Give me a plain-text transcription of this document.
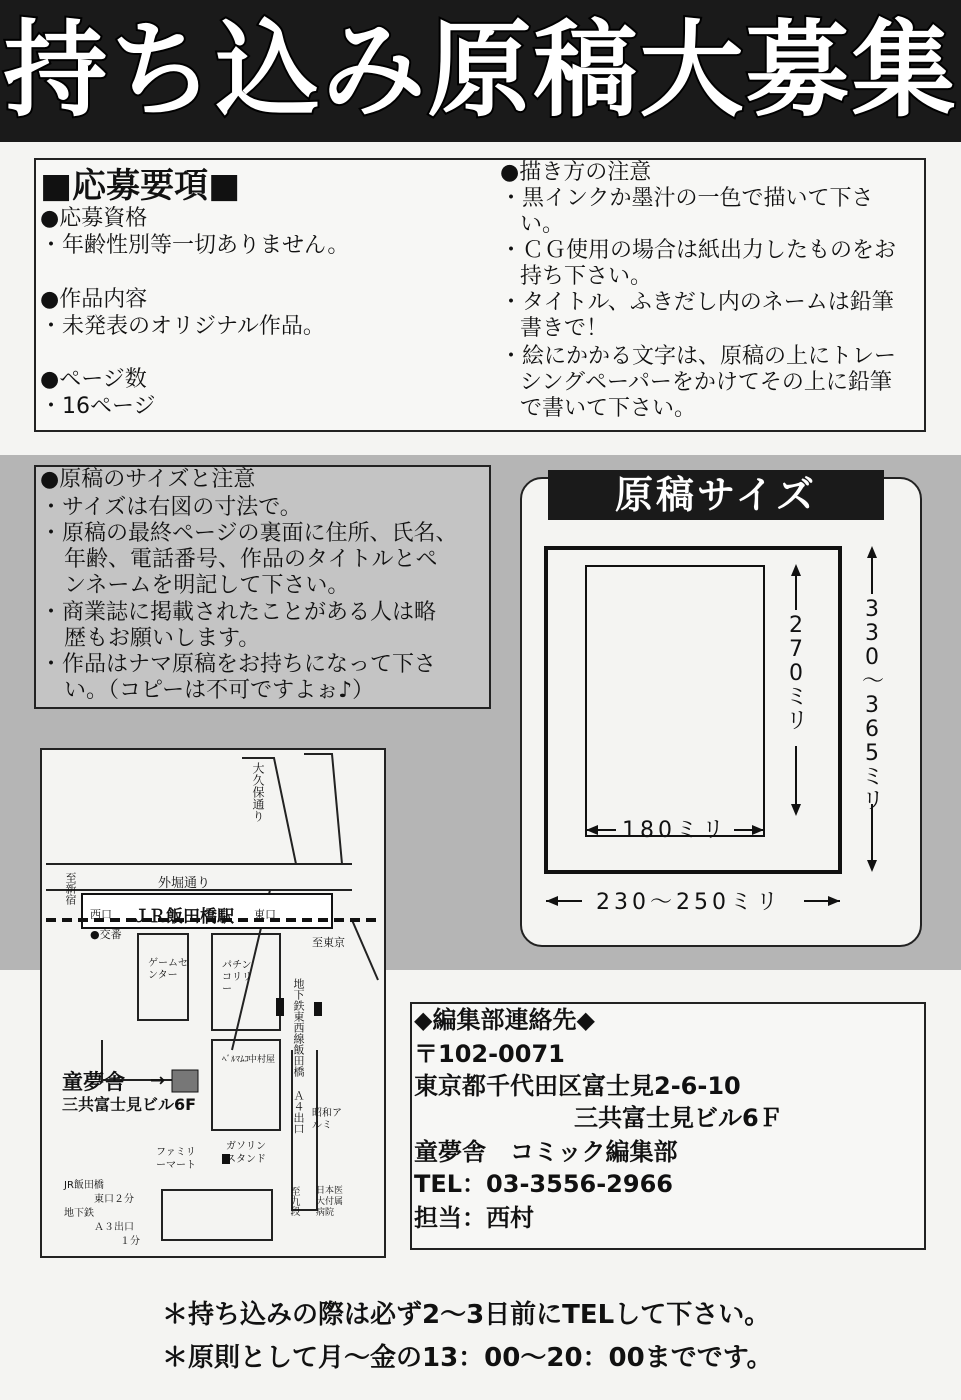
持ち込み原稿大募集
■応募要項■
●応募資格
・年齢性別等一切ありません。
●作品内容
・未発表のオリジナル作品。
●ページ数
・16ページ
●描き方の注意
・黒インクか墨汁の一色で描いて下さ
い。
・ＣＧ使用の場合は紙出力したものをお
持ち下さい。
・タイトル、ふきだし内のネームは鉛筆
書きで！
・絵にかかる文字は、原稿の上にトレー
シングペーパーをかけてその上に鉛筆
で書いて下さい。
●原稿のサイズと注意
・サイズは右図の寸法で。
・原稿の最終ページの裏面に住所、氏名、
年齢、電話番号、作品のタイトルとペ
ンネームを明記して下さい。
・商業誌に掲載されたことがある人は略
歴もお願いします。
・作品はナマ原稿をお持ちになって下さ
い。（コピーは不可ですよぉ♪）
原稿サイズ
270ミリ
330～365ミリ
180ミリ
230～250ミリ
大久保通り
外堀通り
至新宿
西口 ＪＲ飯田橋駅 東口
●交番
至東京
ゲームセンター
パチンコリリー	地下鉄東西線飯田橋
Ａ４出口
ﾍﾞﾙﾏﾑｺ
中村屋
童夢舎 →
三共富士見ビル6F	昭和アルミ
ファミリーマート
ガソリンスタンド
至九段 日本医大付属病院
JR飯田橋
東口２分
地下鉄
Ａ３出口
１分
◆編集部連絡先◆
〒102-0071
東京都千代田区富士見2-6-10
三共富士見ビル6Ｆ
童夢舎　コミック編集部
TEL：03-3556-2966
担当：西村
＊持ち込みの際は必ず2～3日前にTELして下さい。
＊原則として月～金の13：00～20：00までです。
